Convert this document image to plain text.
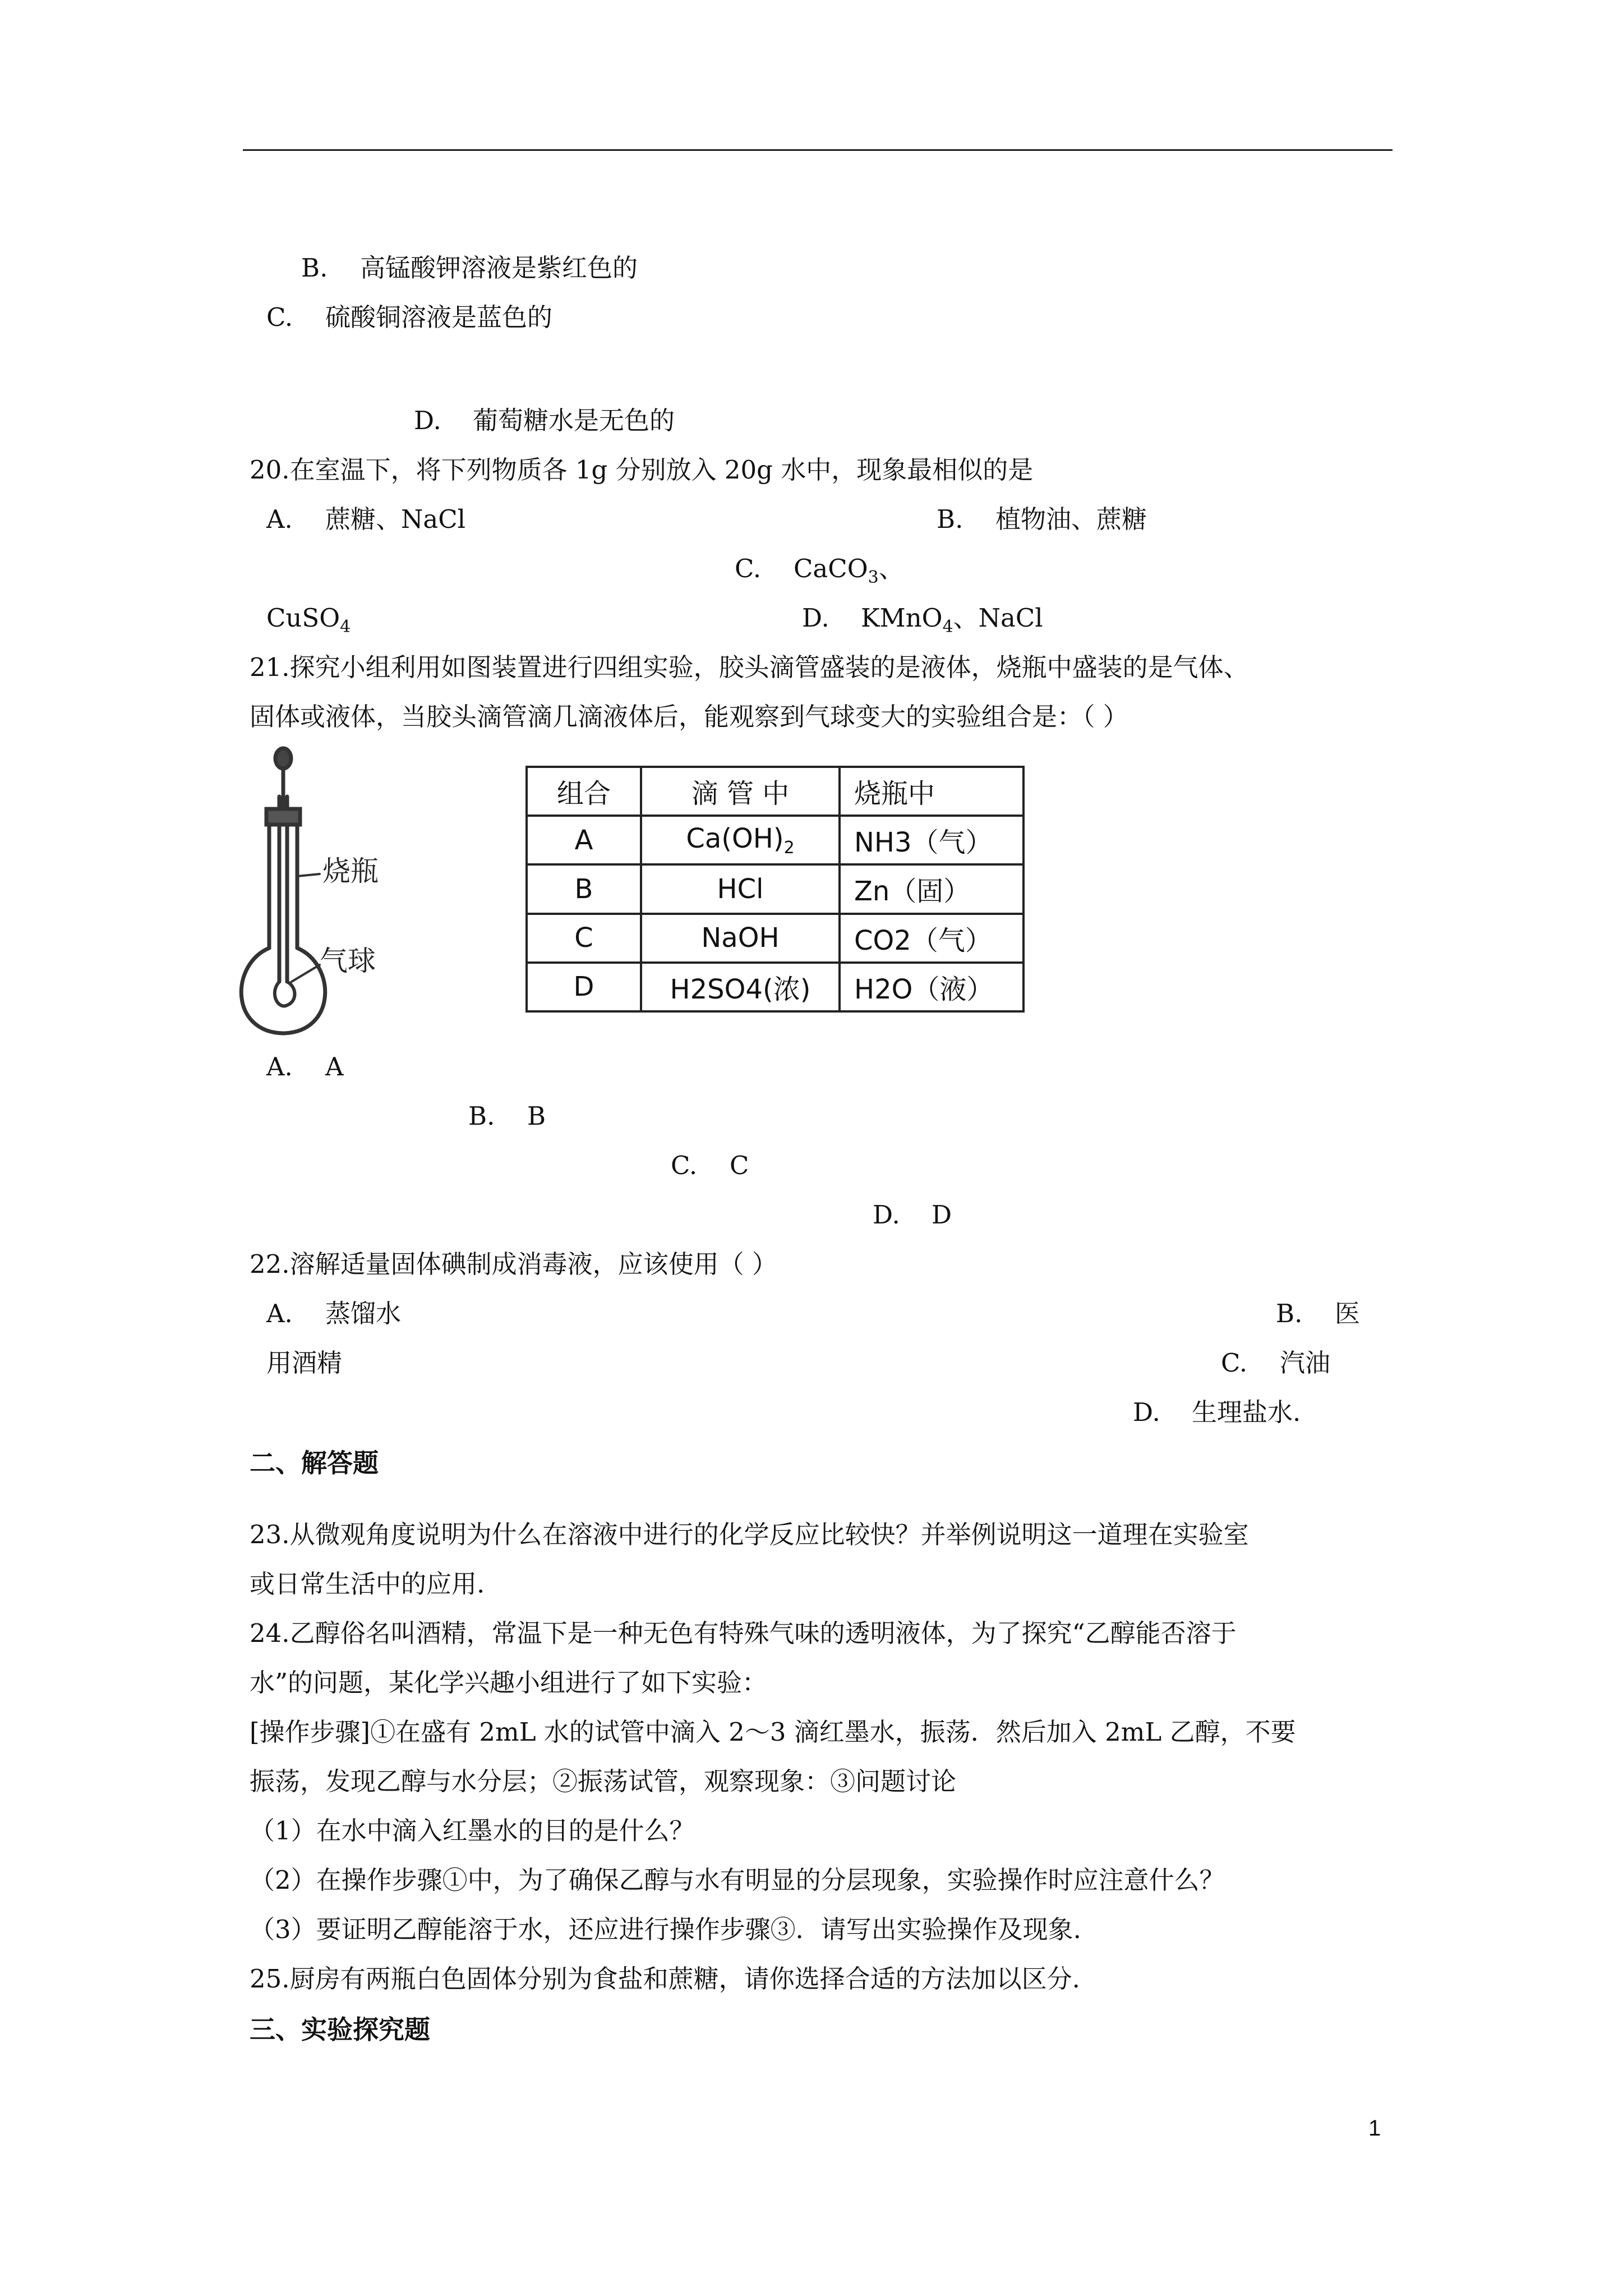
B. 高锰酸钾溶液是紫红色的
C. 硫酸铜溶液是蓝色的
D. 葡萄糖水是无色的
20.在室温下，将下列物质各 1g 分别放入 20g 水中，现象最相似的是
A. 蔗糖、NaCl	B. 植物油、蔗糖
C. CaCO$_3$、
CuSO$_4$	D. KMnO$_4$、NaCl
21.探究小组利用如图装置进行四组实验，胶头滴管盛装的是液体，烧瓶中盛装的是气体、
固体或液体，当胶头滴管滴几滴液体后，能观察到气球变大的实验组合是：（ ）
烧瓶
气球
组合	滴 管 中	烧瓶中
A	$Ca(OH)_2$	NH3（气）
B	HCl	Zn（固）
C	NaOH	CO2（气）
D	H2SO4(浓)	H2O（液）
A. A
B. B
C. C
D. D
22.溶解适量固体碘制成消毒液，应该使用（ ）
A. 蒸馏水	B. 医
用酒精	C. 汽油
D. 生理盐水.
二、解答题
23.从微观角度说明为什么在溶液中进行的化学反应比较快？并举例说明这一道理在实验室
或日常生活中的应用.
24.乙醇俗名叫酒精，常温下是一种无色有特殊气味的透明液体，为了探究“乙醇能否溶于
水”的问题，某化学兴趣小组进行了如下实验：
[操作步骤]①在盛有 2mL 水的试管中滴入 2～3 滴红墨水，振荡．然后加入 2mL 乙醇，不要
振荡，发现乙醇与水分层；②振荡试管，观察现象：③问题讨论
（1）在水中滴入红墨水的目的是什么？
（2）在操作步骤①中，为了确保乙醇与水有明显的分层现象，实验操作时应注意什么？
（3）要证明乙醇能溶于水，还应进行操作步骤③．请写出实验操作及现象.
25.厨房有两瓶白色固体分别为食盐和蔗糖，请你选择合适的方法加以区分.
三、实验探究题
1
